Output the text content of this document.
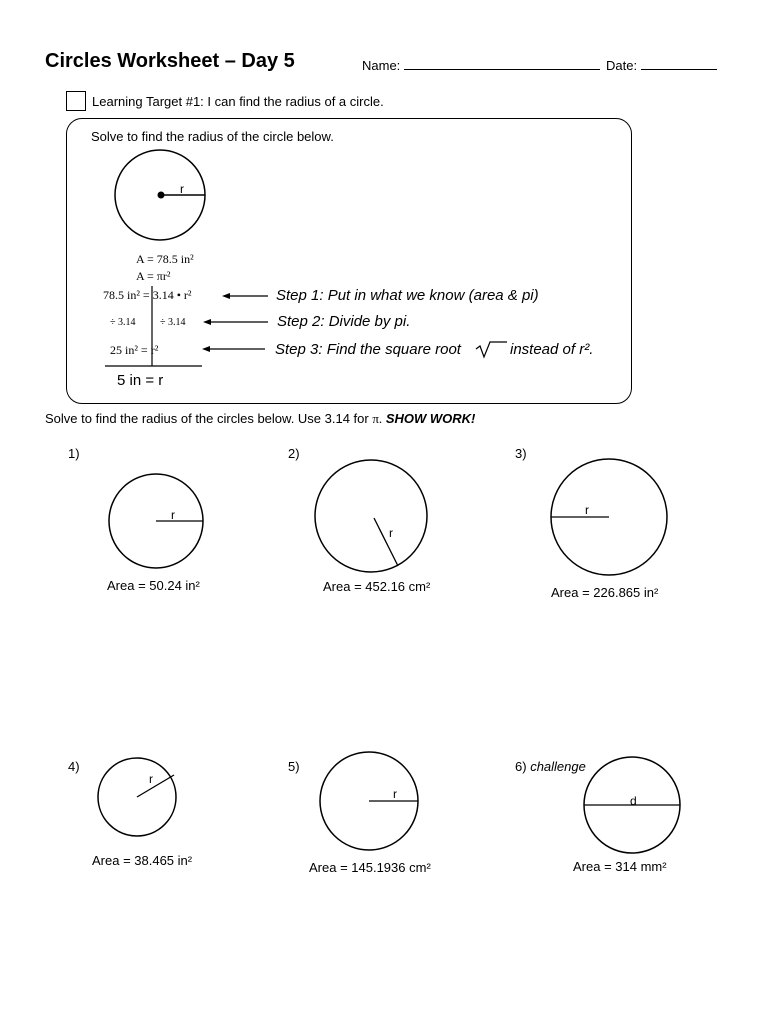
Circles Worksheet – Day 5	Name:	Date:
Learning Target #1: I can find the radius of a circle.
Solve to find the radius of the circle below.
r
A = 78.5 in²
A = πr²
78.5 in² = 3.14 • r²
÷ 3.14 ÷ 3.14
25 in² = r²
5 in = r
Step 1: Put in what we know (area & pi)
Step 2: Divide by pi.
Step 3: Find the square root	instead of r².
Solve to find the radius of the circles below. Use 3.14 for π. SHOW WORK!
1)
r
Area = 50.24 in²
2)
r
Area = 452.16 cm²
3)
r
Area = 226.865 in²
4)
r
Area = 38.465 in²
5)
r
Area = 145.1936 cm²
6) challenge
d
Area = 314 mm²
